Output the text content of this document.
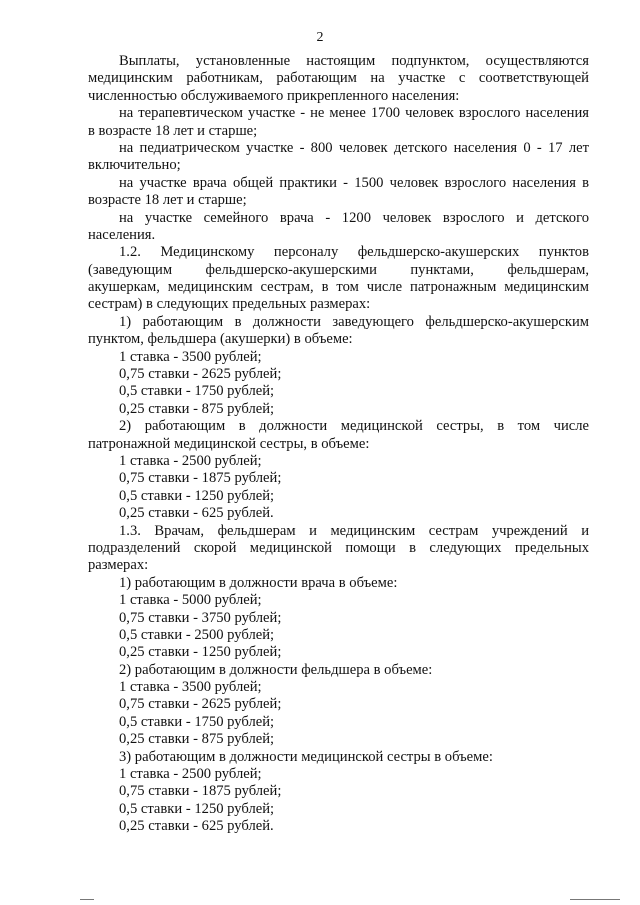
2
Выплаты, установленные настоящим подпунктом, осуществляются
медицинским работникам, работающим на участке с соответствующей
численностью обслуживаемого прикрепленного населения:
на терапевтическом участке - не менее 1700 человек взрослого населения
в возрасте 18 лет и старше;
на педиатрическом участке - 800 человек детского населения 0 - 17 лет
включительно;
на участке врача общей практики - 1500 человек взрослого населения в
возрасте 18 лет и старше;
на участке семейного врача - 1200 человек взрослого и детского
населения.
1.2. Медицинскому персоналу фельдшерско-акушерских пунктов
(заведующим фельдшерско-акушерскими пунктами, фельдшерам,
акушеркам, медицинским сестрам, в том числе патронажным медицинским
сестрам) в следующих предельных размерах:
1) работающим в должности заведующего фельдшерско-акушерским
пунктом, фельдшера (акушерки) в объеме:
1 ставка - 3500 рублей;
0,75 ставки - 2625 рублей;
0,5 ставки - 1750 рублей;
0,25 ставки - 875 рублей;
2) работающим в должности медицинской сестры, в том числе
патронажной медицинской сестры, в объеме:
1 ставка - 2500 рублей;
0,75 ставки - 1875 рублей;
0,5 ставки - 1250 рублей;
0,25 ставки - 625 рублей.
1.3. Врачам, фельдшерам и медицинским сестрам учреждений и
подразделений скорой медицинской помощи в следующих предельных
размерах:
1) работающим в должности врача в объеме:
1 ставка - 5000 рублей;
0,75 ставки - 3750 рублей;
0,5 ставки - 2500 рублей;
0,25 ставки - 1250 рублей;
2) работающим в должности фельдшера в объеме:
1 ставка - 3500 рублей;
0,75 ставки - 2625 рублей;
0,5 ставки - 1750 рублей;
0,25 ставки - 875 рублей;
3) работающим в должности медицинской сестры в объеме:
1 ставка - 2500 рублей;
0,75 ставки - 1875 рублей;
0,5 ставки - 1250 рублей;
0,25 ставки - 625 рублей.
